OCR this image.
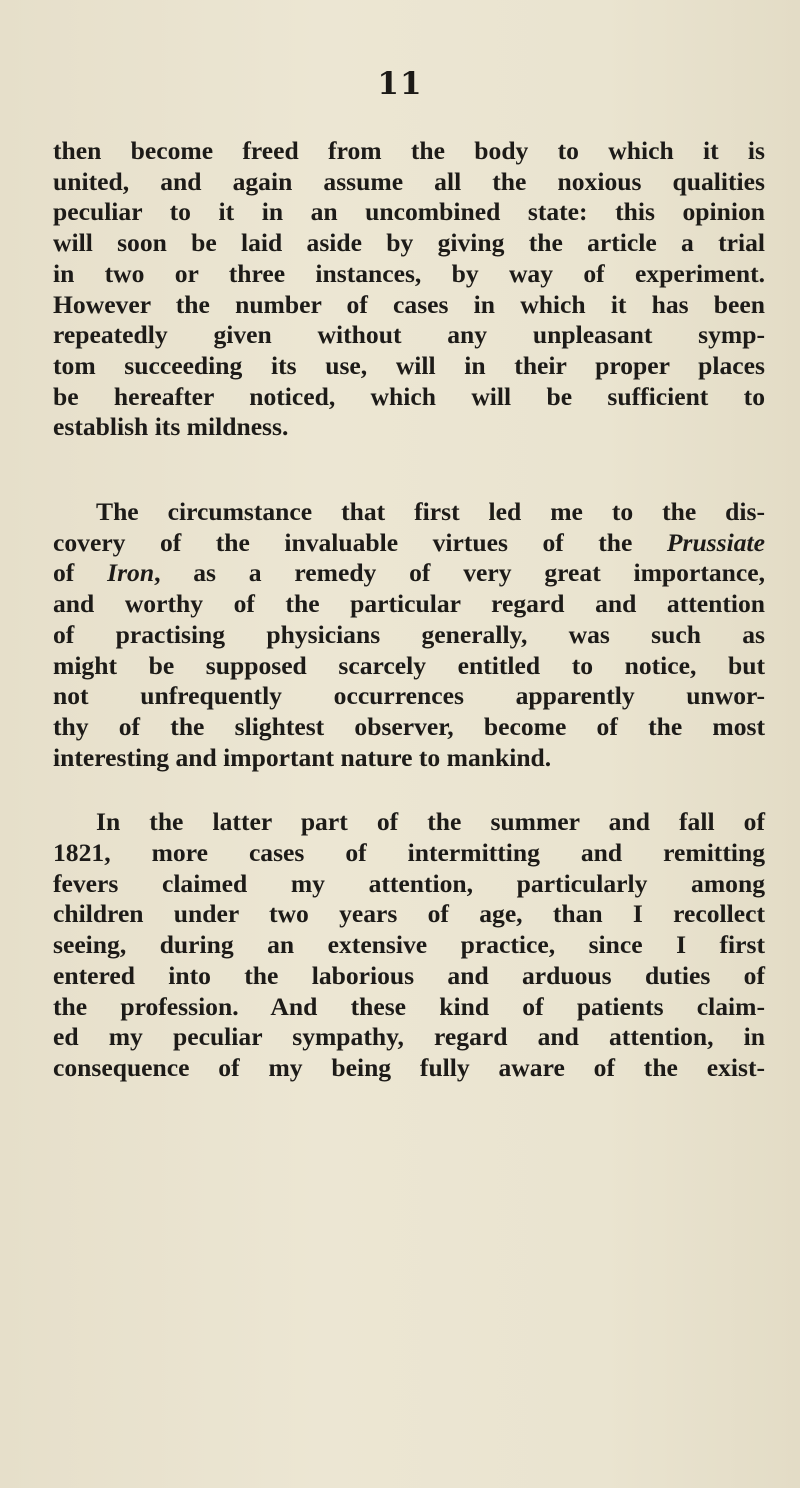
11
then become freed from the body to which it is
united, and again assume all the noxious qualities
peculiar to it in an uncombined state: this opinion
will soon be laid aside by giving the article a trial
in two or three instances, by way of experiment.
However the number of cases in which it has been
repeatedly given without any unpleasant symp-
tom succeeding its use, will in their proper places
be hereafter noticed, which will be sufficient to
establish its mildness.
The circumstance that first led me to the dis-
covery of the invaluable virtues of the Prussiate
of Iron, as a remedy of very great importance,
and worthy of the particular regard and attention
of practising physicians generally, was such as
might be supposed scarcely entitled to notice, but
not unfrequently occurrences apparently unwor-
thy of the slightest observer, become of the most
interesting and important nature to mankind.
In the latter part of the summer and fall of
1821, more cases of intermitting and remitting
fevers claimed my attention, particularly among
children under two years of age, than I recollect
seeing, during an extensive practice, since I first
entered into the laborious and arduous duties of
the profession. And these kind of patients claim-
ed my peculiar sympathy, regard and attention, in
consequence of my being fully aware of the exist-
